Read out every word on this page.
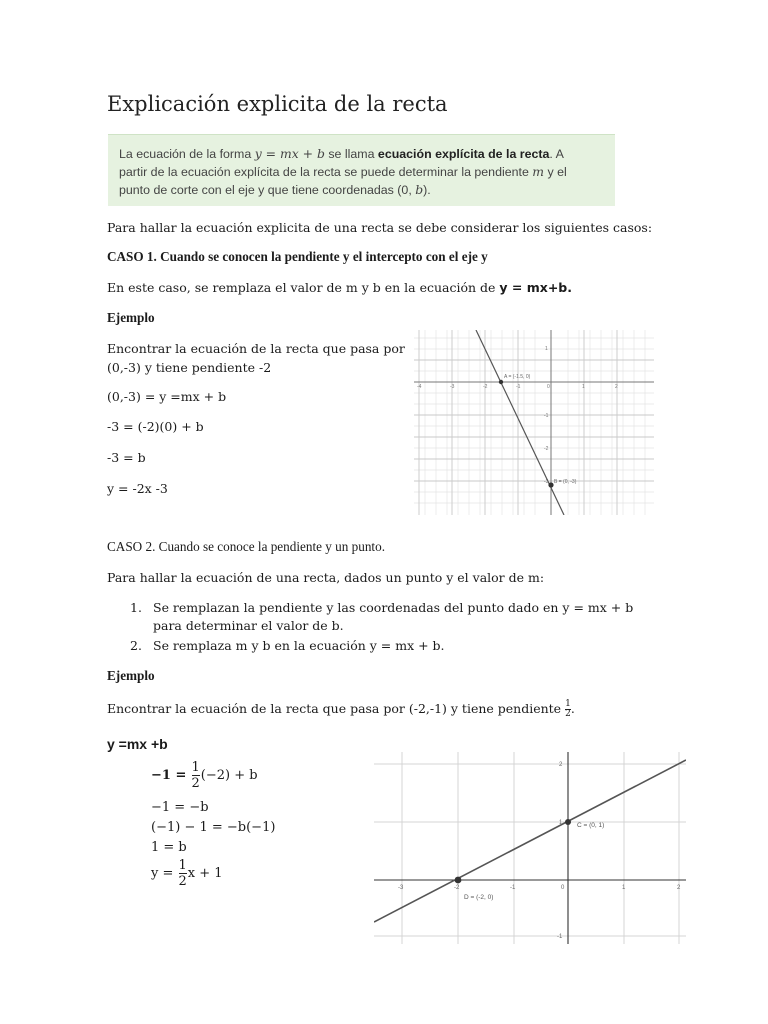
Explicación explicita de la recta
La ecuación de la forma y = mx + b se llama ecuación explícita de la recta. A
partir de la ecuación explícita de la recta se puede determinar la pendiente m y el
punto de corte con el eje y que tiene coordenadas (0, b).
Para hallar la ecuación explicita de una recta se debe considerar los siguientes casos:
CASO 1. Cuando se conocen la pendiente y el intercepto con el eje y
En este caso, se remplaza el valor de m y b en la ecuación de y = mx+b.
Ejemplo
Encontrar la ecuación de la recta que pasa por
(0,-3) y tiene pendiente -2
(0,-3) = y =mx + b
-3 = (-2)(0) + b
-3 = b
y = -2x -3
-4	-3	-2	-1	0	1	2
1
-1
-2
-3
A = (-1.5, 0)
B = (0, -3)
CASO 2. Cuando se conoce la pendiente y un punto.
Para hallar la ecuación de una recta, dados un punto y el valor de m:
1. Se remplazan la pendiente y las coordenadas del punto dado en y = mx + b
para determinar el valor de b.
2. Se remplaza m y b en la ecuación y = mx + b.
Ejemplo
Encontrar la ecuación de la recta que pasa por (-2,-1) y tiene pendiente $\frac{1}{2}$ .
y =mx +b
$-1 = \frac{1}{2} (-2) + b$
−1 = −b
(−1) − 1 = −b(−1)
1 = b
$y = \frac{1}{2}$ x + 1
-3	-2	-1	0	1	2
2
1
-1
C = (0, 1)
D = (-2, 0)
